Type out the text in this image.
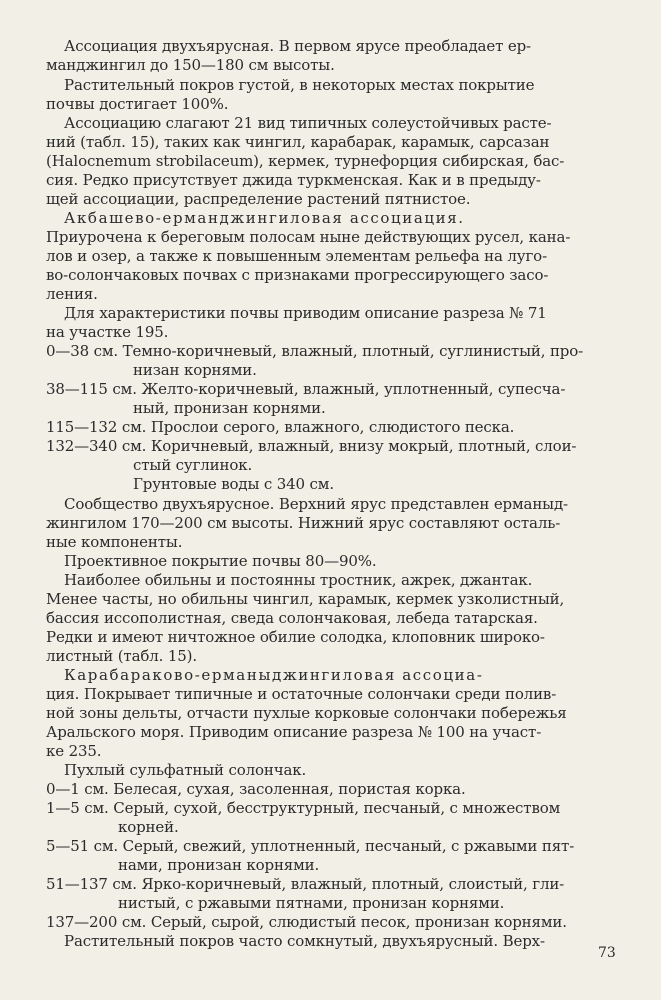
Ассоциация двухъярусная. В первом ярусе преобладает ер-
манджингил до 150—180 см высоты.
Растительный покров густой, в некоторых местах покрытие
почвы достигает 100%.
Ассоциацию слагают 21 вид типичных солеустойчивых расте-
ний (табл. 15), таких как чингил, карабарак, карамык, сарсазан
(Halocnemum strobilaceum), кермек, турнефорция сибирская, бас-
сия. Редко присутствует джида туркменская. Как и в предыду-
щей ассоциации, распределение растений пятнистое.
Акбашево-ерманджингиловая ассоциация.
Приурочена к береговым полосам ныне действующих русел, кана-
лов и озер, а также к повышенным элементам рельефа на луго-
во-солончаковых почвах с признаками прогрессирующего засо-
ления.
Для характеристики почвы приводим описание разреза № 71
на участке 195.
0—38 см. Темно-коричневый, влажный, плотный, суглинистый, про-
низан корнями.
38—115 см. Желто-коричневый, влажный, уплотненный, супесча-
ный, пронизан корнями.
115—132 см. Прослои серого, влажного, слюдистого песка.
132—340 см. Коричневый, влажный, внизу мокрый, плотный, слои-
стый суглинок.
Грунтовые воды с 340 см.
Сообщество двухъярусное. Верхний ярус представлен ерманыд-
жингилом 170—200 см высоты. Нижний ярус составляют осталь-
ные компоненты.
Проективное покрытие почвы 80—90%.
Наиболее обильны и постоянны тростник, ажрек, джантак.
Менее часты, но обильны чингил, карамык, кермек узколистный,
бассия иссополистная, сведа солончаковая, лебеда татарская.
Редки и имеют ничтожное обилие солодка, клоповник широко-
листный (табл. 15).
Карабараково-ерманыджингиловая ассоциа-
ция. Покрывает типичные и остаточные солончаки среди полив-
ной зоны дельты, отчасти пухлые корковые солончаки побережья
Аральского моря. Приводим описание разреза № 100 на участ-
ке 235.
Пухлый сульфатный солончак.
0—1 см. Белесая, сухая, засоленная, пористая корка.
1—5 см. Серый, сухой, бесструктурный, песчаный, с множеством
корней.
5—51 см. Серый, свежий, уплотненный, песчаный, с ржавыми пят-
нами, пронизан корнями.
51—137 см. Ярко-коричневый, влажный, плотный, слоистый, гли-
нистый, с ржавыми пятнами, пронизан корнями.
137—200 см. Серый, сырой, слюдистый песок, пронизан корнями.
Растительный покров часто сомкнутый, двухъярусный. Верх-
73
